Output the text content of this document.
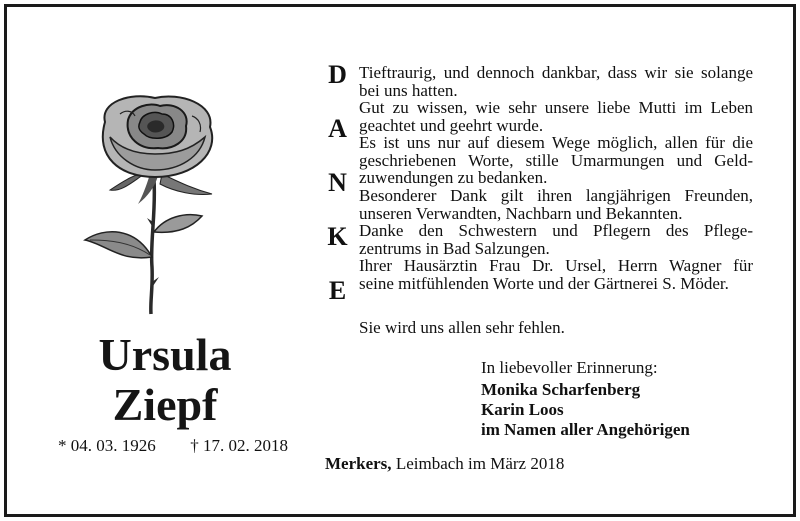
Ursula
Ziepf
* 04. 03. 1926 † 17. 02. 2018
D
A
N
K
E
Tieftraurig, und dennoch dankbar, dass wir sie solange
bei uns hatten.
Gut zu wissen, wie sehr unsere liebe Mutti im Leben
geachtet und geehrt wurde.
Es ist uns nur auf diesem Wege möglich, allen für die
geschriebenen Worte, stille Umarmungen und Geld-
zuwendungen zu bedanken.
Besonderer Dank gilt ihren langjährigen Freunden,
unseren Verwandten, Nachbarn und Bekannten.
Danke den Schwestern und Pflegern des Pflege-
zentrums in Bad Salzungen.
Ihrer Hausärztin Frau Dr. Ursel, Herrn Wagner für
seine mitfühlenden Worte und der Gärtnerei S. Möder.
Sie wird uns allen sehr fehlen.
In liebevoller Erinnerung:
Monika Scharfenberg
Karin Loos
im Namen aller Angehörigen
Merkers, Leimbach im März 2018
